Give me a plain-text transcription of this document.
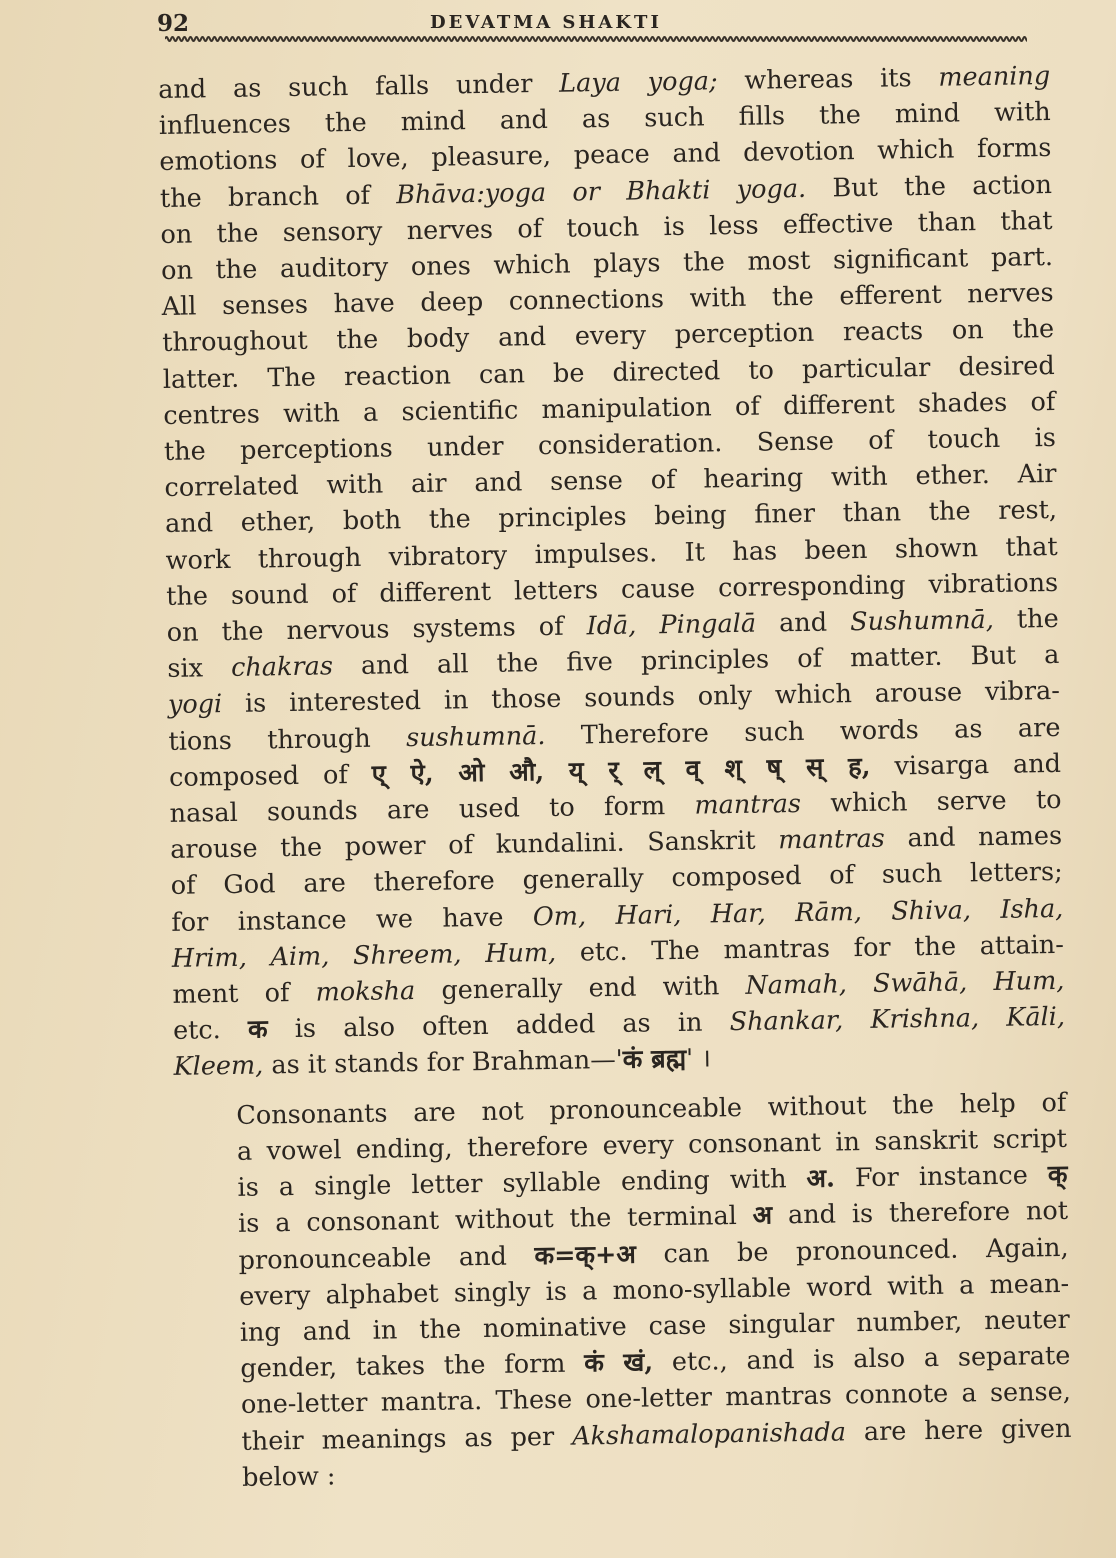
92	DEVATMA SHAKTI
and as such falls under Laya yoga; whereas its meaning
influences the mind and as such fills the mind with
emotions of love, pleasure, peace and devotion which forms
the branch of Bhāva:yoga or Bhakti yoga. But the action
on the sensory nerves of touch is less effective than that
on the auditory ones which plays the most significant part.
All senses have deep connections with the efferent nerves
throughout the body and every perception reacts on the
latter. The reaction can be directed to particular desired
centres with a scientific manipulation of different shades of
the perceptions under consideration. Sense of touch is
correlated with air and sense of hearing with ether. Air
and ether, both the principles being finer than the rest,
work through vibratory impulses. It has been shown that
the sound of different letters cause corresponding vibrations
on the nervous systems of Idā, Pingalā and Sushumnā, the
six chakras and all the five principles of matter. But a
yogi is interested in those sounds only which arouse vibra-
tions through sushumnā. Therefore such words as are
composed of ए् ऐ, ओ औ, य् र् ल् व् श् ष् स् ह, visarga and
nasal sounds are used to form mantras which serve to
arouse the power of kundalini. Sanskrit mantras and names
of God are therefore generally composed of such letters;
for instance we have Om, Hari, Har, Rām, Shiva, Isha,
Hrim, Aim, Shreem, Hum, etc. The mantras for the attain-
ment of moksha generally end with Namah, Swāhā, Hum,
etc. क is also often added as in Shankar, Krishna, Kāli,
Kleem, as it stands for Brahman—'कं ब्रह्म' ।
Consonants are not pronounceable without the help of
a vowel ending, therefore every consonant in sanskrit script
is a single letter syllable ending with अ. For instance क्
is a consonant without the terminal अ and is therefore not
pronounceable and क=क्+अ can be pronounced. Again,
every alphabet singly is a mono-syllable word with a mean-
ing and in the nominative case singular number, neuter
gender, takes the form कं खं, etc., and is also a separate
one-letter mantra. These one-letter mantras connote a sense,
their meanings as per Akshamalopanishada are here given
below :
